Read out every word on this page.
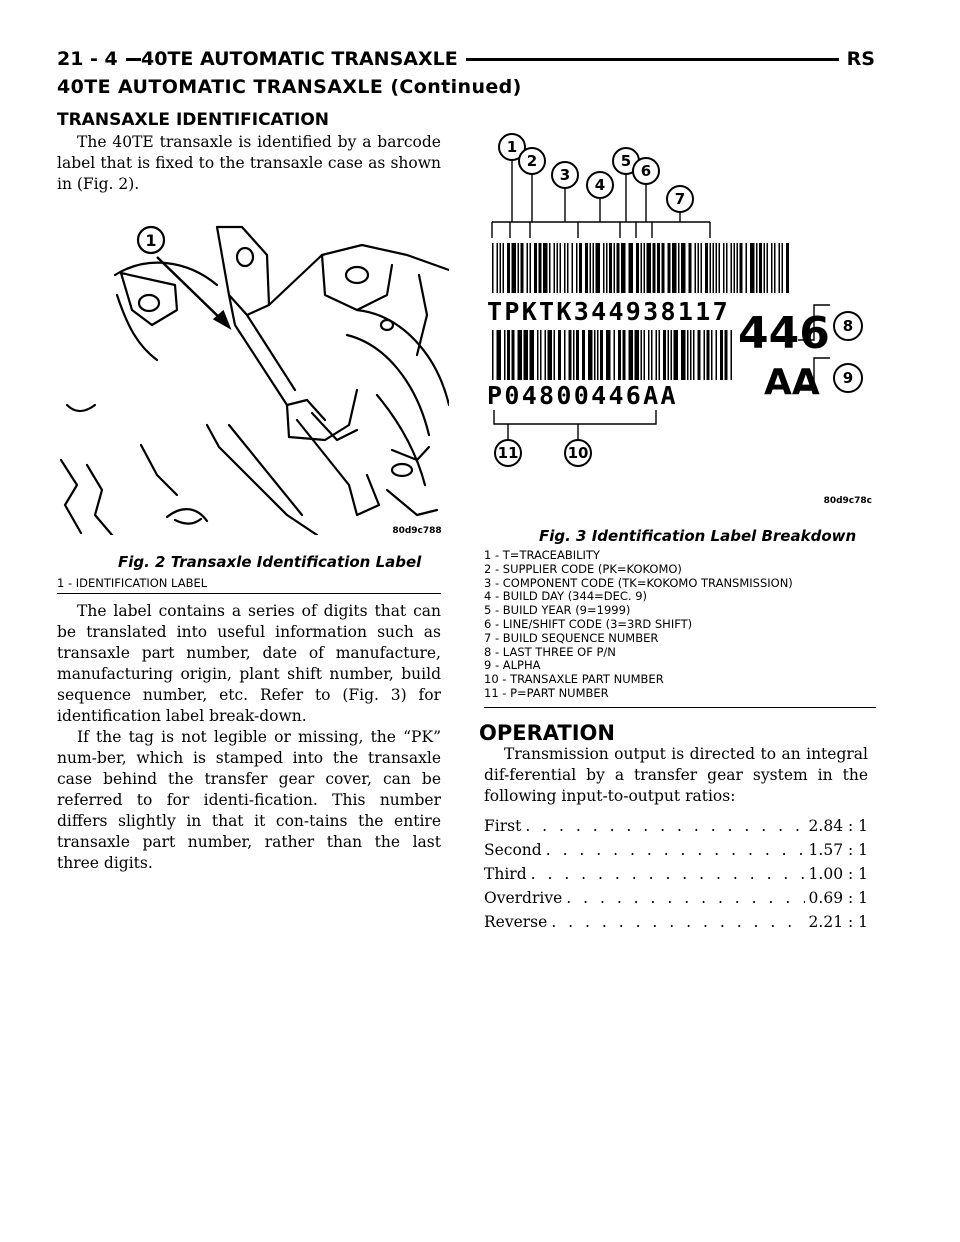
21 - 4	40TE AUTOMATIC TRANSAXLE	RS
40TE AUTOMATIC TRANSAXLE (Continued)
TRANSAXLE IDENTIFICATION

The 40TE transaxle is identified by a barcode label that is fixed to the transaxle case as shown in (Fig. 2).

1
80d9c788
Fig. 2 Transaxle Identification Label
1 - IDENTIFICATION LABEL

The label contains a series of digits that can be translated into useful information such as transaxle part number, date of manufacture, manufacturing origin, plant shift number, build sequence number, etc. Refer to (Fig. 3) for identification label break-down.

If the tag is not legible or missing, the “PK” num-ber, which is stamped into the transaxle case behind the transfer gear cover, can be referred to for identi-fication. This number differs slightly in that it con-tains the entire transaxle part number, rather than the last three digits.

TPKTK344938117 446
AA
P04800446AA
1
2
3
4
5
6
7
8
9
10
11
80d9c78c
Fig. 3 Identification Label Breakdown
1 - T=TRACEABILITY
2 - SUPPLIER CODE (PK=KOKOMO)
3 - COMPONENT CODE (TK=KOKOMO TRANSMISSION)
4 - BUILD DAY (344=DEC. 9)
5 - BUILD YEAR (9=1999)
6 - LINE/SHIFT CODE (3=3RD SHIFT)
7 - BUILD SEQUENCE NUMBER
8 - LAST THREE OF P/N
9 - ALPHA
10 - TRANSAXLE PART NUMBER
11 - P=PART NUMBER
OPERATION

Transmission output is directed to an integral dif-ferential by a transfer gear system in the following input-to-output ratios:

First . . .	2.84 : 1
Second . . .	1.57 : 1
Third . . .	1.00 : 1
Overdrive . . .	0.69 : 1
Reverse . . .	2.21 : 1
